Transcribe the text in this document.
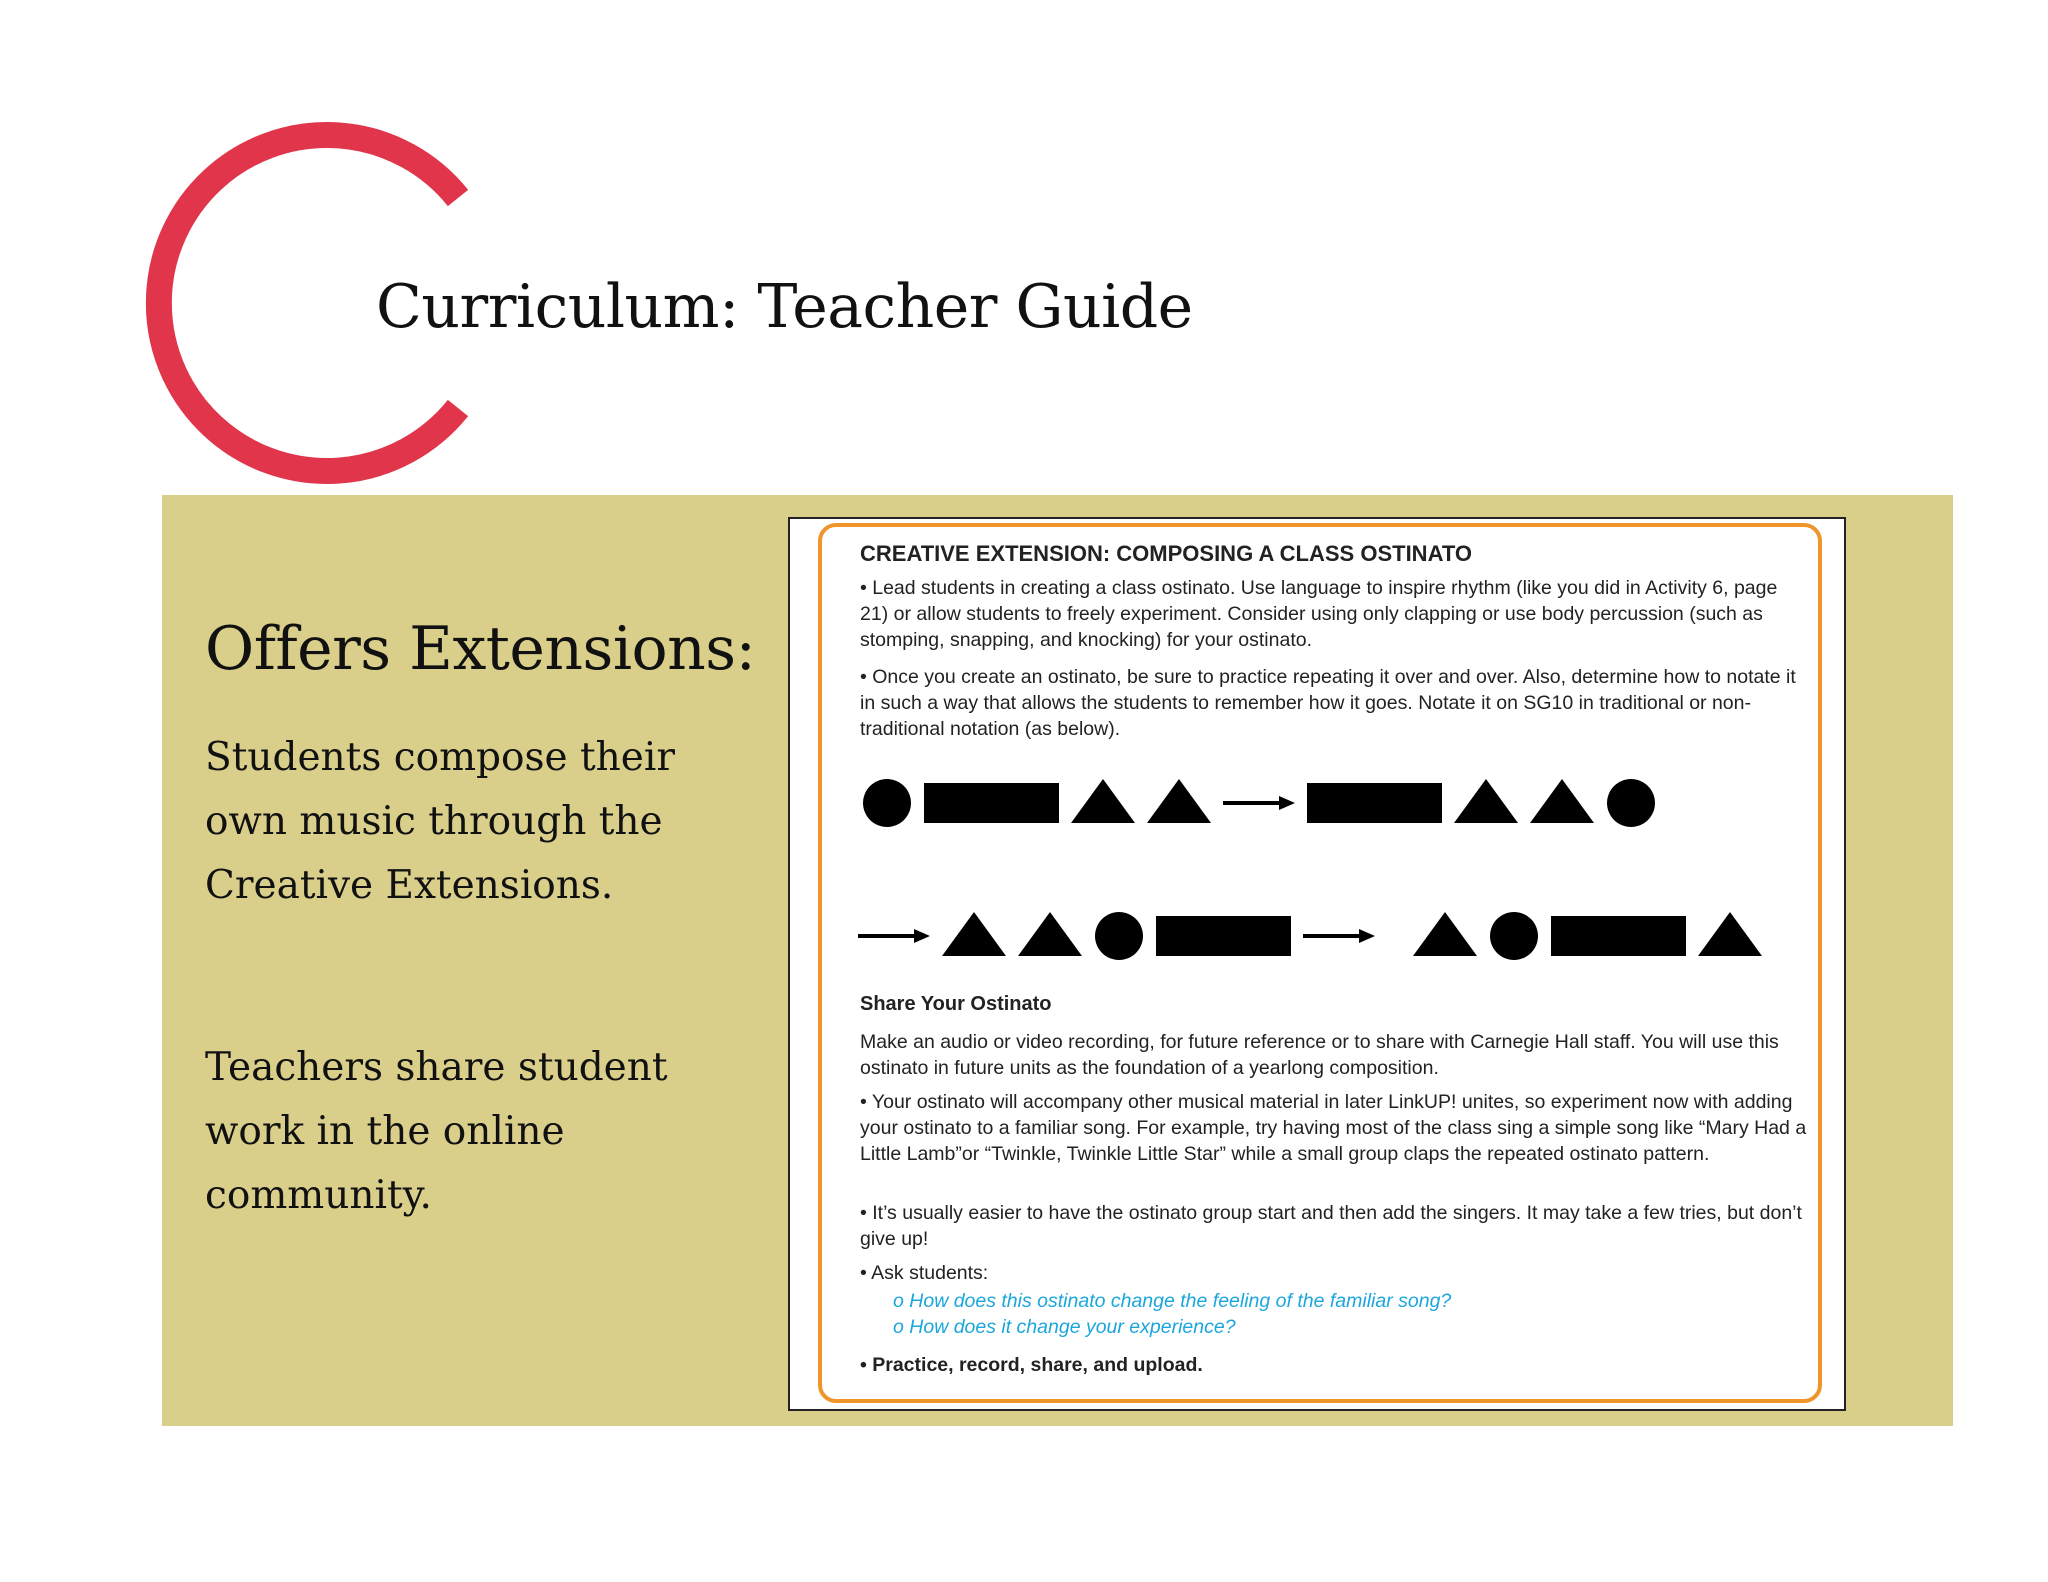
Curriculum: Teacher Guide
Offers Extensions:
Students compose their own music through the Creative Extensions.
Teachers share student work in the online community.
CREATIVE EXTENSION: COMPOSING A CLASS OSTINATO
• Lead students in creating a class ostinato. Use language to inspire rhythm (like you did in Activity 6, page 21) or allow students to freely experiment. Consider using only clapping or use body percussion (such as stomping, snapping, and knocking) for your ostinato.
• Once you create an ostinato, be sure to practice repeating it over and over. Also, determine how to notate it in such a way that allows the students to remember how it goes. Notate it on SG10 in traditional or non-traditional notation (as below).
Share Your Ostinato
Make an audio or video recording, for future reference or to share with Carnegie Hall staff. You will use this ostinato in future units as the foundation of a yearlong composition.
• Your ostinato will accompany other musical material in later LinkUP! unites, so experiment now with adding your ostinato to a familiar song. For example, try having most of the class sing a simple song like “Mary Had a Little Lamb”or “Twinkle, Twinkle Little Star” while a small group claps the repeated ostinato pattern.
• It’s usually easier to have the ostinato group start and then add the singers. It may take a few tries, but don’t give up!
• Ask students:
ο How does this ostinato change the feeling of the familiar song?
ο How does it change your experience?
• Practice, record, share, and upload.
